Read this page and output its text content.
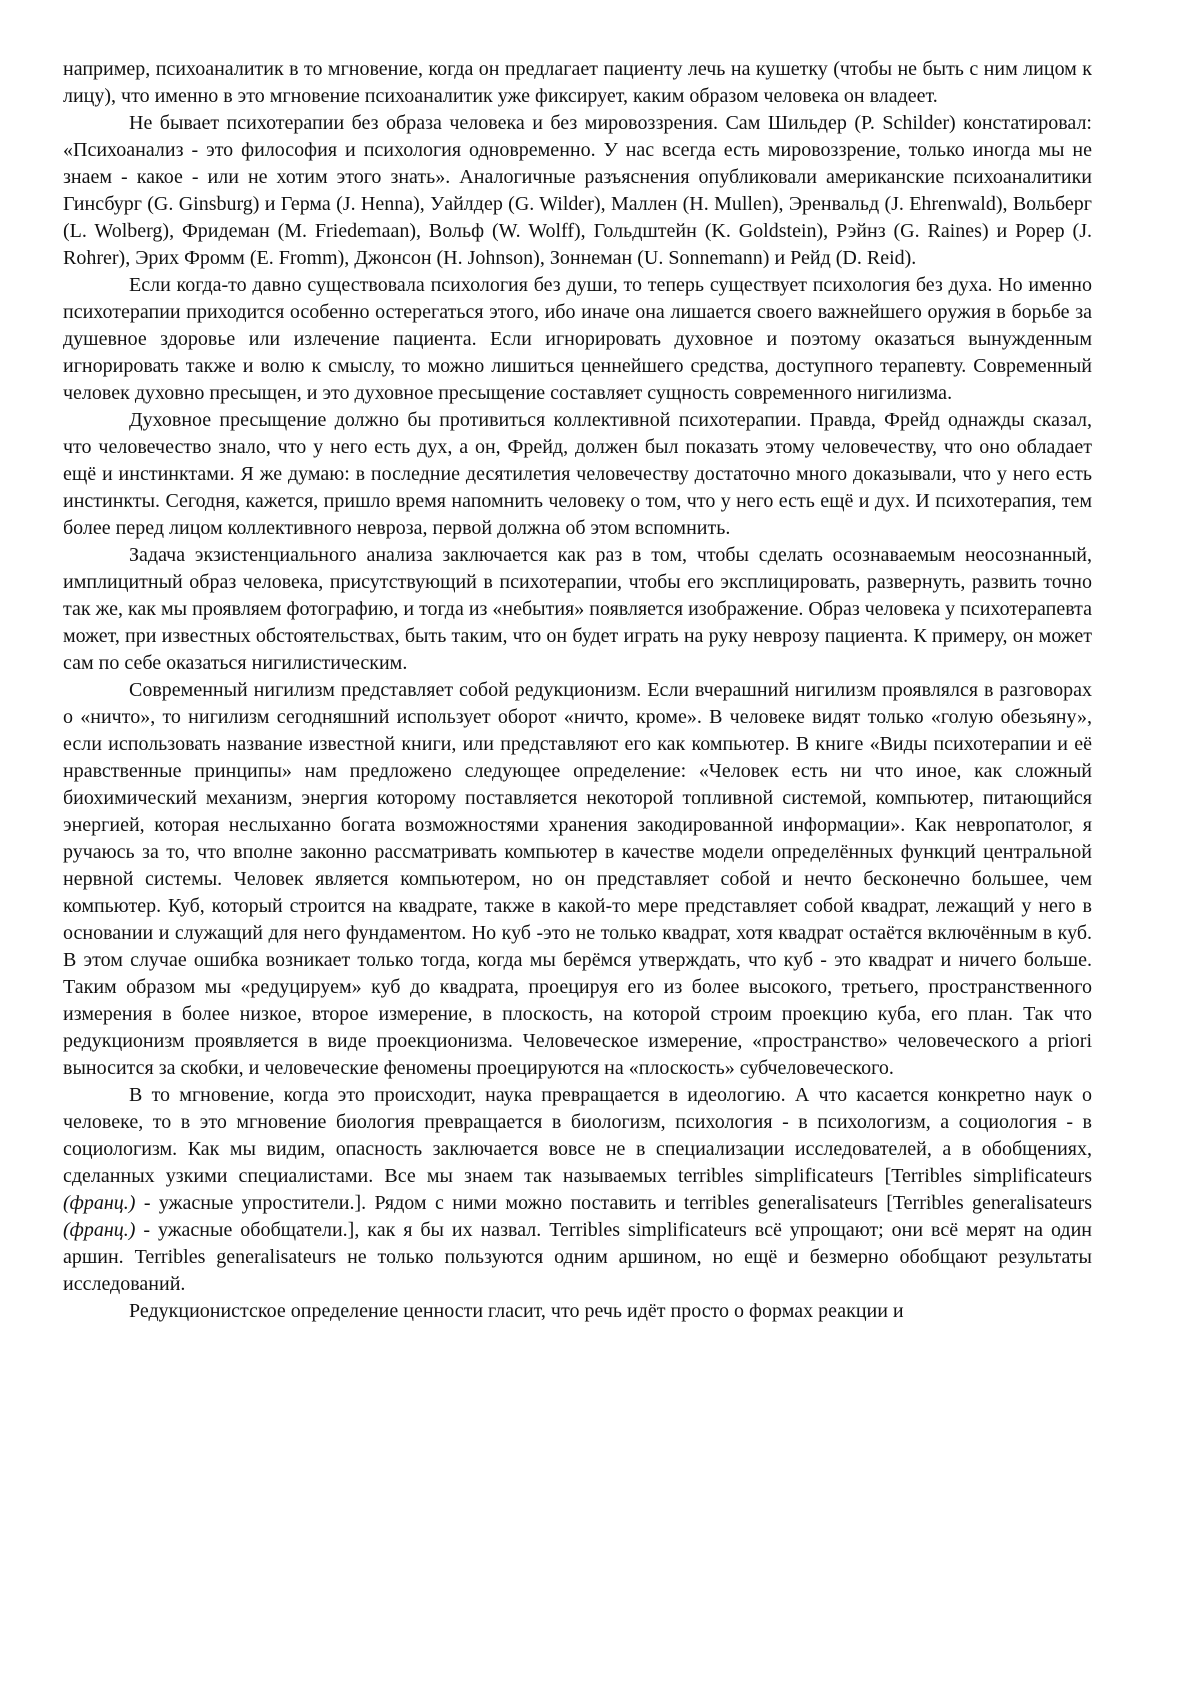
например, психоаналитик в то мгновение, когда он предлагает пациенту лечь на кушетку (чтобы не быть с ним лицом к лицу), что именно в это мгновение психоаналитик уже фиксирует, каким образом человека он владеет.

Не бывает психотерапии без образа человека и без мировоззрения. Сам Шильдер (P. Schilder) констатировал: «Психоанализ - это философия и психология одновременно. У нас всегда есть мировоззрение, только иногда мы не знаем - какое - или не хотим этого знать». Аналогичные разъяснения опубликовали американские психоаналитики Гинсбург (G. Ginsburg) и Герма (J. Henna), Уайлдер (G. Wilder), Маллен (H. Mullen), Эренвальд (J. Ehrenwald), Вольберг (L. Wolberg), Фридеман (M. Friedemaan), Вольф (W. Wolff), Гольдштейн (K. Goldstein), Рэйнз (G. Raines) и Рорер (J. Rohrer), Эрих Фромм (E. Fromm), Джонсон (H. Johnson), Зоннеман (U. Sonnemann) и Рейд (D. Reid).

Если когда-то давно существовала психология без души, то теперь существует психология без духа. Но именно психотерапии приходится особенно остерегаться этого, ибо иначе она лишается своего важнейшего оружия в борьбе за душевное здоровье или излечение пациента. Если игнорировать духовное и поэтому оказаться вынужденным игнорировать также и волю к смыслу, то можно лишиться ценнейшего средства, доступного терапевту. Современный человек духовно пресыщен, и это духовное пресыщение составляет сущность современного нигилизма.

Духовное пресыщение должно бы противиться коллективной психотерапии. Правда, Фрейд однажды сказал, что человечество знало, что у него есть дух, а он, Фрейд, должен был показать этому человечеству, что оно обладает ещё и инстинктами. Я же думаю: в последние десятилетия человечеству достаточно много доказывали, что у него есть инстинкты. Сегодня, кажется, пришло время напомнить человеку о том, что у него есть ещё и дух. И психотерапия, тем более перед лицом коллективного невроза, первой должна об этом вспомнить.

Задача экзистенциального анализа заключается как раз в том, чтобы сделать осознаваемым неосознанный, имплицитный образ человека, присутствующий в психотерапии, чтобы его эксплицировать, развернуть, развить точно так же, как мы проявляем фотографию, и тогда из «небытия» появляется изображение. Образ человека у психотерапевта может, при известных обстоятельствах, быть таким, что он будет играть на руку неврозу пациента. К примеру, он может сам по себе оказаться нигилистическим.

Современный нигилизм представляет собой редукционизм. Если вчерашний нигилизм проявлялся в разговорах о «ничто», то нигилизм сегодняшний использует оборот «ничто, кроме». В человеке видят только «голую обезьяну», если использовать название известной книги, или представляют его как компьютер. В книге «Виды психотерапии и её нравственные принципы» нам предложено следующее определение: «Человек есть ни что иное, как сложный биохимический механизм, энергия которому поставляется некоторой топливной системой, компьютер, питающийся энергией, которая неслыханно богата возможностями хранения закодированной информации». Как невропатолог, я ручаюсь за то, что вполне законно рассматривать компьютер в качестве модели определённых функций центральной нервной системы. Человек является компьютером, но он представляет собой и нечто бесконечно большее, чем компьютер. Куб, который строится на квадрате, также в какой-то мере представляет собой квадрат, лежащий у него в основании и служащий для него фундаментом. Но куб -это не только квадрат, хотя квадрат остаётся включённым в куб. В этом случае ошибка возникает только тогда, когда мы берёмся утверждать, что куб - это квадрат и ничего больше. Таким образом мы «редуцируем» куб до квадрата, проецируя его из более высокого, третьего, пространственного измерения в более низкое, второе измерение, в плоскость, на которой строим проекцию куба, его план. Так что редукционизм проявляется в виде проекционизма. Человеческое измерение, «пространство» человеческого a priori выносится за скобки, и человеческие феномены проецируются на «плоскость» субчеловеческого.

В то мгновение, когда это происходит, наука превращается в идеологию. А что касается конкретно наук о человеке, то в это мгновение биология превращается в биологизм, психология - в психологизм, а социология - в социологизм. Как мы видим, опасность заключается вовсе не в специализации исследователей, а в обобщениях, сделанных узкими специалистами. Все мы знаем так называемых terribles simplificateurs [Terribles simplificateurs (франц.) - ужасные упростители.]. Рядом с ними можно поставить и terribles generalisateurs [Terribles generalisateurs (франц.) - ужасные обобщатели.], как я бы их назвал. Terribles simplificateurs всё упрощают; они всё мерят на один аршин. Terribles generalisateurs не только пользуются одним аршином, но ещё и безмерно обобщают результаты исследований.

Редукционистское определение ценности гласит, что речь идёт просто о формах реакции и
